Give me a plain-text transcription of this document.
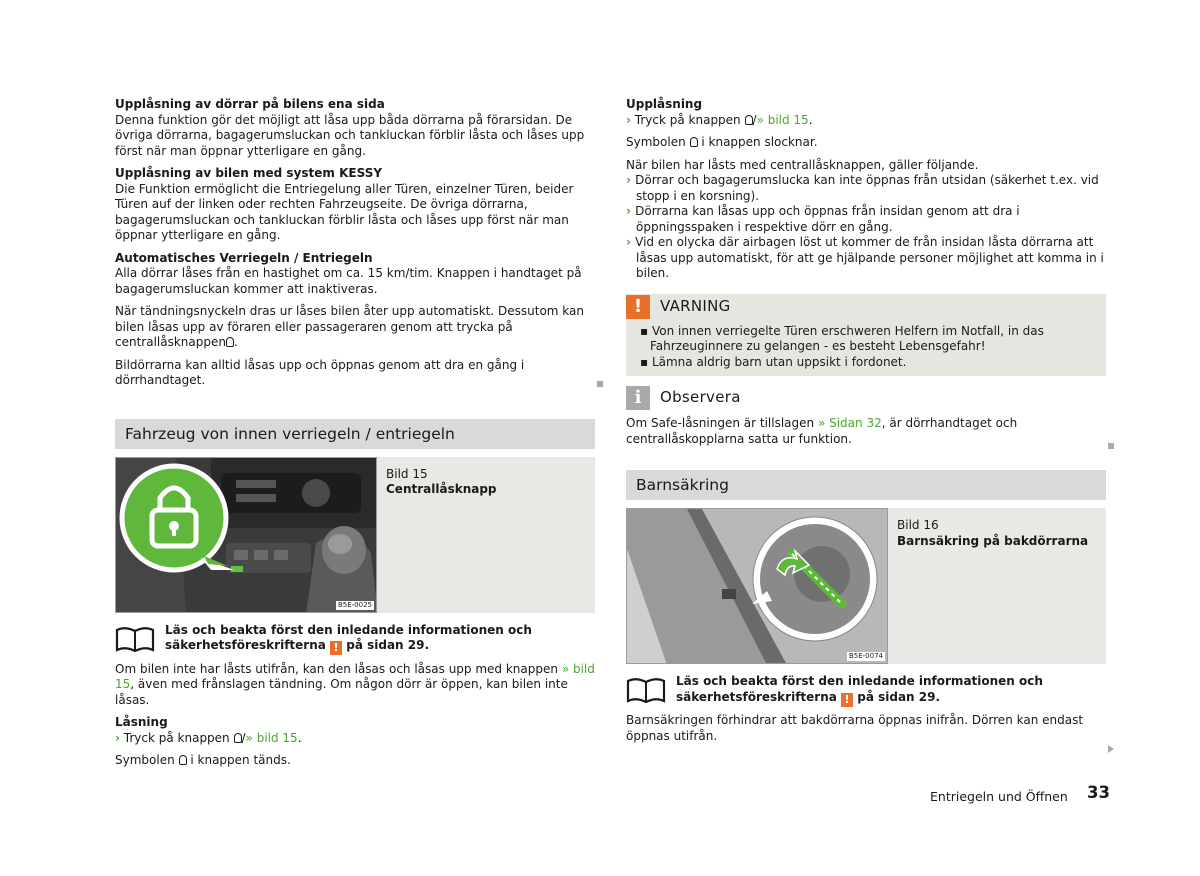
Upplåsning av dörrar på bilens ena sida
Denna funktion gör det möjligt att låsa upp båda dörrarna på förarsidan. De övriga dörrarna, bagagerumsluckan och tankluckan förblir låsta och låses upp först när man öppnar ytterligare en gång.
Upplåsning av bilen med system KESSY
Die Funktion ermöglicht die Entriegelung aller Türen, einzelner Türen, beider Türen auf der linken oder rechten Fahrzeugseite. De övriga dörrarna, bagagerumsluckan och tankluckan förblir låsta och låses upp först när man öppnar ytterligare en gång.
Automatisches Verriegeln / Entriegeln
Alla dörrar låses från en hastighet om ca. 15 km/tim. Knappen i handtaget på bagagerumsluckan kommer att inaktiveras.
När tändningsnyckeln dras ur låses bilen åter upp automatiskt. Dessutom kan bilen låsas upp av föraren eller passageraren genom att trycka på centrallåsknappen .
Bildörrarna kan alltid låsas upp och öppnas genom att dra en gång i dörrhandtaget.
Fahrzeug von innen verriegeln / entriegeln
B5E-0025
Bild 15
Centrallåsknapp
Läs och beakta först den inledande informationen och säkerhetsföreskrifterna ! på sidan 29.
Om bilen inte har låsts utifrån, kan den låsas och låsas upp med knappen » bild 15, även med frånslagen tändning. Om någon dörr är öppen, kan bilen inte låsas.
Låsning
› Tryck på knappen /» bild 15.
Symbolen i knappen tänds.
Upplåsning
› Tryck på knappen /» bild 15.
Symbolen i knappen slocknar.
När bilen har låsts med centrallåsknappen, gäller följande.
› Dörrar och bagagerumslucka kan inte öppnas från utsidan (säkerhet t.ex. vid stopp i en korsning).
› Dörrarna kan låsas upp och öppnas från insidan genom att dra i öppningsspaken i respektive dörr en gång.
› Vid en olycka där airbagen löst ut kommer de från insidan låsta dörrarna att låsas upp automatiskt, för att ge hjälpande personer möjlighet att komma in i bilen.
!	VARNING
▪ Von innen verriegelte Türen erschweren Helfern im Notfall, in das Fahrzeuginnere zu gelangen - es besteht Lebensgefahr!
▪ Lämna aldrig barn utan uppsikt i fordonet.
i	Observera
Om Safe-låsningen är tillslagen » Sidan 32, är dörrhandtaget och centrallåskopplarna satta ur funktion.
Barnsäkring
B5E-0074
Bild 16
Barnsäkring på bakdörrarna
Läs och beakta först den inledande informationen och säkerhetsföreskrifterna ! på sidan 29.
Barnsäkringen förhindrar att bakdörrarna öppnas inifrån. Dörren kan endast öppnas utifrån.
Entriegeln und Öffnen 33
